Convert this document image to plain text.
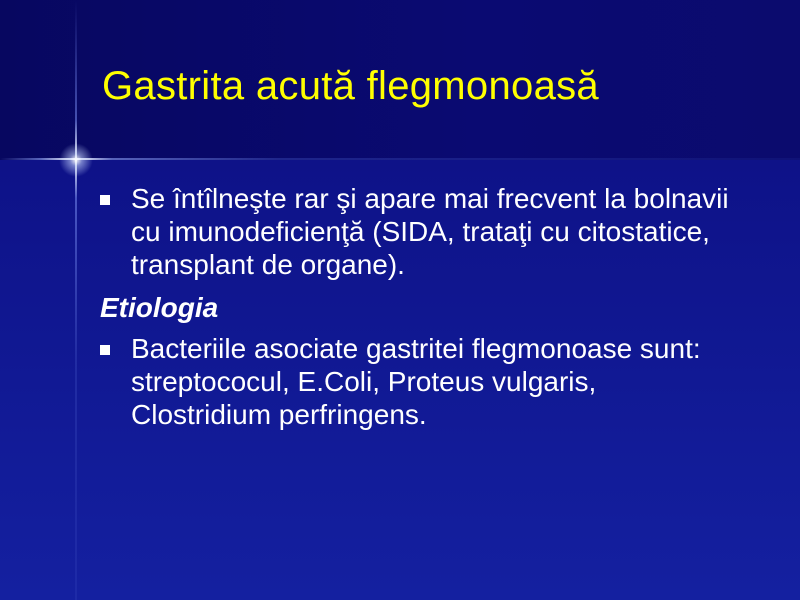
Gastrita acută flegmonoasă
Se întîlneşte rar şi apare mai frecvent la bolnavii cu imunodeficienţă (SIDA, trataţi cu citostatice, transplant de organe).
Etiologia
Bacteriile asociate gastritei flegmonoase sunt: streptococul, E.Coli, Proteus vulgaris, Clostridium perfringens.
